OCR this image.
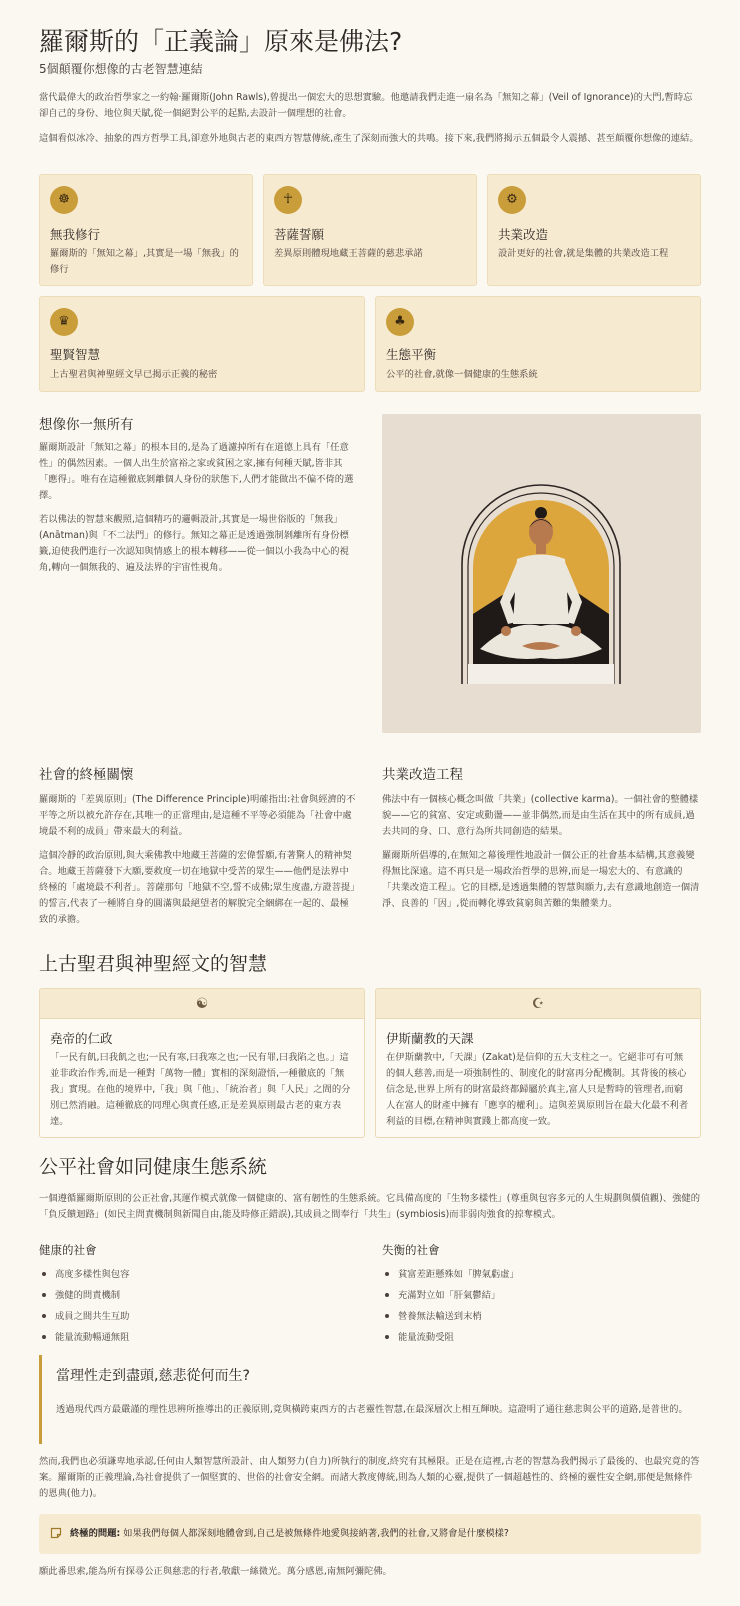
羅爾斯的「正義論」原來是佛法?
5個顛覆你想像的古老智慧連結

當代最偉大的政治哲學家之一約翰·羅爾斯(John Rawls),曾提出一個宏大的思想實驗。他邀請我們走進一扇名為「無知之幕」(Veil of Ignorance)的大門,暫時忘卻自己的身份、地位與天賦,從一個絕對公平的起點,去設計一個理想的社會。

這個看似冰冷、抽象的西方哲學工具,卻意外地與古老的東西方智慧傳統,產生了深刻而強大的共鳴。接下來,我們將揭示五個最令人震撼、甚至顛覆你想像的連結。

☸
無我修行
羅爾斯的「無知之幕」,其實是一場「無我」的修行
☥
菩薩誓願
差異原則體現地藏王菩薩的慈悲承諾
⚙
共業改造
設計更好的社會,就是集體的共業改造工程
♛
聖賢智慧
上古聖君與神聖經文早已揭示正義的秘密
♣
生態平衡
公平的社會,就像一個健康的生態系統
想像你一無所有

羅爾斯設計「無知之幕」的根本目的,是為了過濾掉所有在道德上具有「任意性」的偶然因素。一個人出生於富裕之家或貧困之家,擁有何種天賦,皆非其「應得」。唯有在這種徹底剝離個人身份的狀態下,人們才能做出不偏不倚的選擇。

若以佛法的智慧來觀照,這個精巧的邏輯設計,其實是一場世俗版的「無我」(Anātman)與「不二法門」的修行。無知之幕正是透過強制剝離所有身份標籤,迫使我們進行一次認知與情感上的根本轉移——從一個以小我為中心的視角,轉向一個無我的、遍及法界的宇宙性視角。

社會的終極關懷

羅爾斯的「差異原則」(The Difference Principle)明確指出:社會與經濟的不平等之所以被允許存在,其唯一的正當理由,是這種不平等必須能為「社會中處境最不利的成員」帶來最大的利益。

這個冷靜的政治原則,與大乘佛教中地藏王菩薩的宏偉誓願,有著驚人的精神契合。地藏王菩薩發下大願,要救度一切在地獄中受苦的眾生——他們是法界中終極的「處境最不利者」。菩薩那句「地獄不空,誓不成佛;眾生度盡,方證菩提」的誓言,代表了一種將自身的圓滿與最絕望者的解脫完全綑綁在一起的、最極致的承擔。

共業改造工程

佛法中有一個核心概念叫做「共業」(collective karma)。一個社會的整體樣貌——它的貧富、安定或動盪——並非偶然,而是由生活在其中的所有成員,過去共同的身、口、意行為所共同創造的結果。

羅爾斯所倡導的,在無知之幕後理性地設計一個公正的社會基本結構,其意義變得無比深遠。這不再只是一場政治哲學的思辨,而是一場宏大的、有意識的「共業改造工程」。它的目標,是透過集體的智慧與願力,去有意識地創造一個清淨、良善的「因」,從而轉化導致貧窮與苦難的集體業力。

上古聖君與神聖經文的智慧
☯
堯帝的仁政
「一民有飢,曰我飢之也;一民有寒,曰我寒之也;一民有罪,曰我陷之也。」這並非政治作秀,而是一種對「萬物一體」實相的深刻證悟,一種徹底的「無我」實現。在他的境界中,「我」與「他」、「統治者」與「人民」之間的分別已然消融。這種徹底的同理心與責任感,正是差異原則最古老的東方表達。
☪
伊斯蘭教的天課
在伊斯蘭教中,「天課」(Zakat)是信仰的五大支柱之一。它絕非可有可無的個人慈善,而是一項強制性的、制度化的財富再分配機制。其背後的核心信念是,世界上所有的財富最終都歸屬於真主,富人只是暫時的管理者,而窮人在富人的財產中擁有「應享的權利」。這與差異原則旨在最大化最不利者利益的目標,在精神與實踐上都高度一致。
公平社會如同健康生態系統

一個遵循羅爾斯原則的公正社會,其運作模式就像一個健康的、富有韌性的生態系統。它具備高度的「生物多樣性」(尊重與包容多元的人生規劃與價值觀)、強健的「負反饋迴路」(如民主問責機制與新聞自由,能及時修正錯誤),其成員之間奉行「共生」(symbiosis)而非弱肉強食的掠奪模式。

健康的社會
高度多樣性與包容
強健的問責機制
成員之間共生互助
能量流動暢通無阻
失衡的社會
貧富差距懸殊如「脾氣虧虛」
充滿對立如「肝氣鬱結」
營養無法輸送到末梢
能量流動受阻
當理性走到盡頭,慈悲從何而生?

透過現代西方最嚴謹的理性思辨所推導出的正義原則,竟與橫跨東西方的古老靈性智慧,在最深層次上相互輝映。這證明了通往慈悲與公平的道路,是普世的。

然而,我們也必須謙卑地承認,任何由人類智慧所設計、由人類努力(自力)所執行的制度,終究有其極限。正是在這裡,古老的智慧為我們揭示了最後的、也最究竟的答案。羅爾斯的正義理論,為社會提供了一個堅實的、世俗的社會安全網。而諸大教度傳統,則為人類的心靈,提供了一個超越性的、終極的靈性安全網,那便是無條件的恩典(他力)。

終極的問題: 如果我們每個人都深刻地體會到,自己是被無條件地愛與接納著,我們的社會,又將會是什麼模樣?

願此番思索,能為所有探尋公正與慈悲的行者,敬獻一絲微光。萬分感恩,南無阿彌陀佛。
